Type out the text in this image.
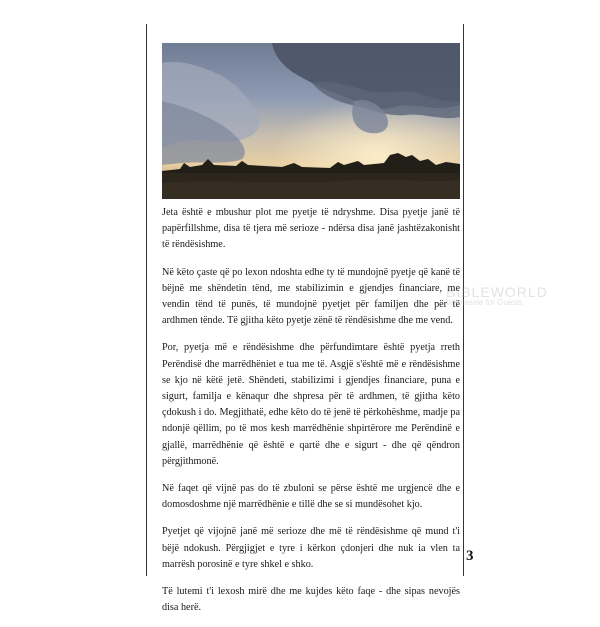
Jeta është e mbushur plot me pyetje të ndryshme. Disa pyetje janë të papërfillshme, disa të tjera më serioze - ndërsa disa janë jashtëzakonisht të rëndësishme.

Në këto çaste që po lexon ndoshta edhe ty të mundojnë pyetje që kanë të bëjnë me shëndetin tënd, me stabilizimin e gjendjes financiare, me vendin tënd të punës, të mundojnë pyetjet për familjen dhe për të ardhmen tënde. Të gjitha këto pyetje zënë të rëndësishme dhe me vend.

Por, pyetja më e rëndësishme dhe përfundimtare është pyetja rreth Perëndisë dhe marrëdhëniet e tua me të. Asgjë s'është më e rëndësishme se kjo në këtë jetë. Shëndeti, stabilizimi i gjendjes financiare, puna e sigurt, familja e kënaqur dhe shpresa për të ardhmen, të gjitha këto çdokush i do. Megjithatë, edhe këto do të jenë të përkohëshme, madje pa ndonjë qëllim, po të mos kesh marrëdhënie shpirtërore me Perëndinë e gjallë, marrëdhënie që është e qartë dhe e sigurt - dhe që qëndron përgjithmonë.

Në faqet që vijnë pas do të zbuloni se përse është me urgjencë dhe e domosdoshme një marrëdhënie e tillë dhe se si mundësohet kjo.

Pyetjet që vijojnë janë më serioze dhe më të rëndësishme që mund t'i bëjë ndokush. Përgjigjet e tyre i kërkon çdonjeri dhe nuk ia vlen ta marrësh porosinë e tyre shkel e shko.

Të lutemi t'i lexosh mirë dhe me kujdes këto faqe - dhe sipas nevojës disa herë.

BIBLEWORLD
Wholesale for Guests
3
